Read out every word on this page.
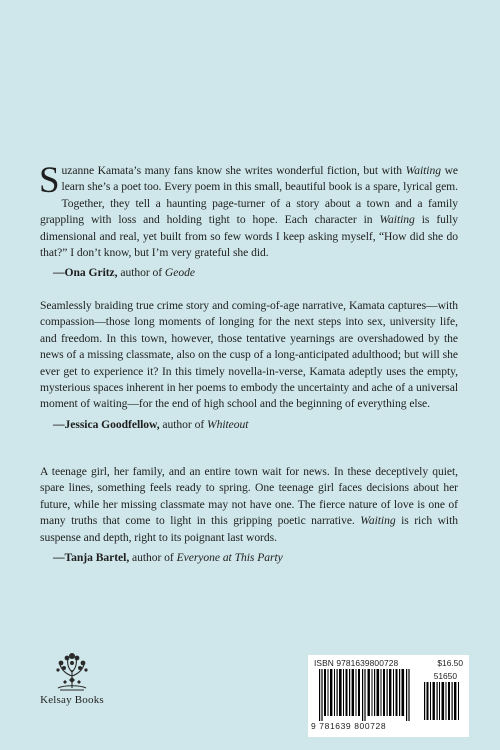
Suzanne Kamata’s many fans know she writes wonderful fiction, but with Waiting we learn she’s a poet too. Every poem in this small, beautiful book is a spare, lyrical gem. Together, they tell a haunting page-turner of a story about a town and a family grappling with loss and holding tight to hope. Each character in Waiting is fully dimensional and real, yet built from so few words I keep asking myself, “How did she do that?” I don’t know, but I’m very grateful she did.

—Ona Gritz, author of Geode

Seamlessly braiding true crime story and coming-of-age narrative, Kamata captures—with compassion—those long moments of longing for the next steps into sex, university life, and freedom. In this town, however, those tentative yearnings are overshadowed by the news of a missing classmate, also on the cusp of a long-anticipated adulthood; but will she ever get to experience it? In this timely novella-in-verse, Kamata adeptly uses the empty, mysterious spaces inherent in her poems to embody the uncertainty and ache of a universal moment of waiting—for the end of high school and the beginning of everything else.

—Jessica Goodfellow, author of Whiteout

A teenage girl, her family, and an entire town wait for news. In these deceptively quiet, spare lines, something feels ready to spring. One teenage girl faces decisions about her future, while her missing classmate may not have one. The fierce nature of love is one of many truths that come to light in this gripping poetic narrative. Waiting is rich with suspense and depth, right to its poignant last words.

—Tanja Bartel, author of Everyone at This Party

Kelsay Books
ISBN 9781639800728	$16.50
51650
9 781639 800728
